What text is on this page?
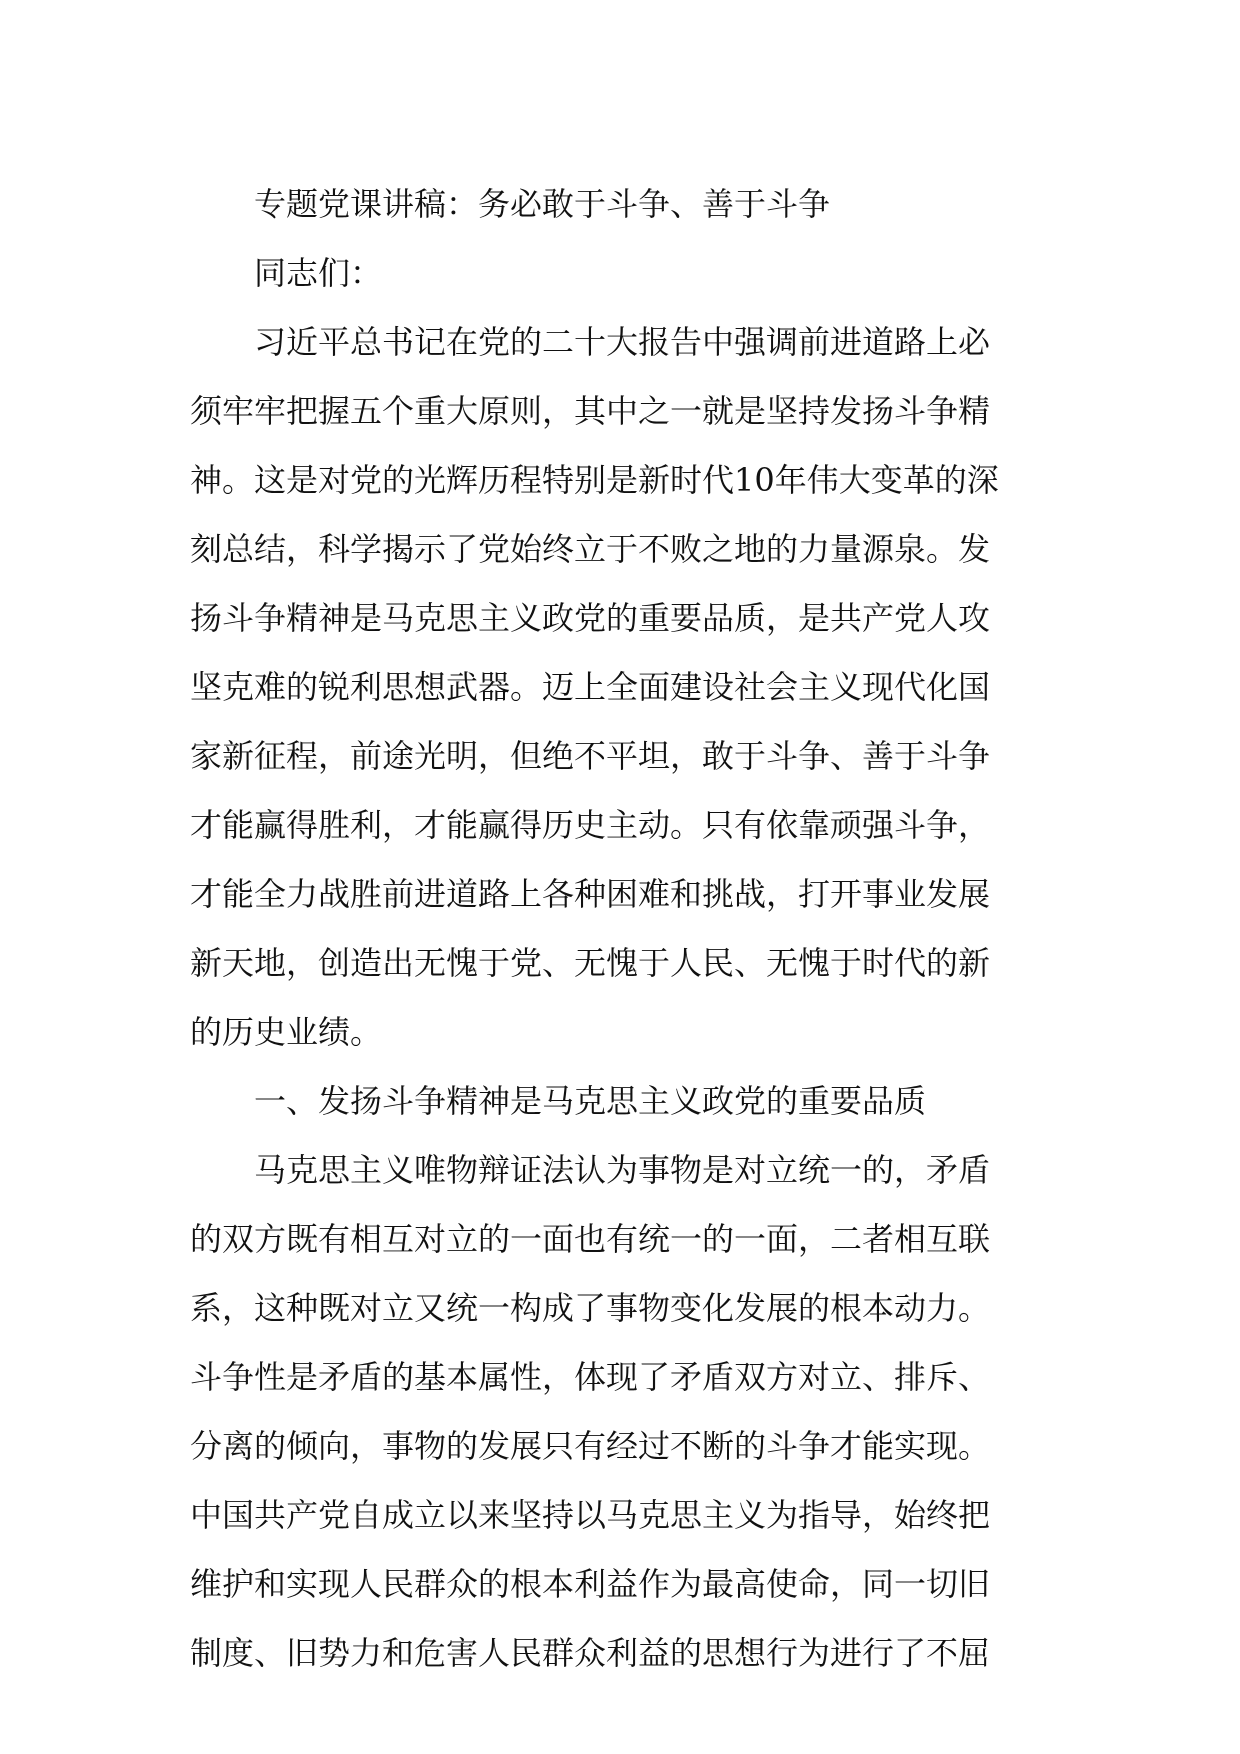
专题党课讲稿：务必敢于斗争、善于斗争
同志们：
习近平总书记在党的二十大报告中强调前进道路上必
须牢牢把握五个重大原则，其中之一就是坚持发扬斗争精
神。这是对党的光辉历程特别是新时代10年伟大变革的深
刻总结，科学揭示了党始终立于不败之地的力量源泉。发
扬斗争精神是马克思主义政党的重要品质，是共产党人攻
坚克难的锐利思想武器。迈上全面建设社会主义现代化国
家新征程，前途光明，但绝不平坦，敢于斗争、善于斗争
才能赢得胜利，才能赢得历史主动。只有依靠顽强斗争，
才能全力战胜前进道路上各种困难和挑战，打开事业发展
新天地，创造出无愧于党、无愧于人民、无愧于时代的新
的历史业绩。
一、发扬斗争精神是马克思主义政党的重要品质
马克思主义唯物辩证法认为事物是对立统一的，矛盾
的双方既有相互对立的一面也有统一的一面，二者相互联
系，这种既对立又统一构成了事物变化发展的根本动力。
斗争性是矛盾的基本属性，体现了矛盾双方对立、排斥、
分离的倾向，事物的发展只有经过不断的斗争才能实现。
中国共产党自成立以来坚持以马克思主义为指导，始终把
维护和实现人民群众的根本利益作为最高使命，同一切旧
制度、旧势力和危害人民群众利益的思想行为进行了不屈
